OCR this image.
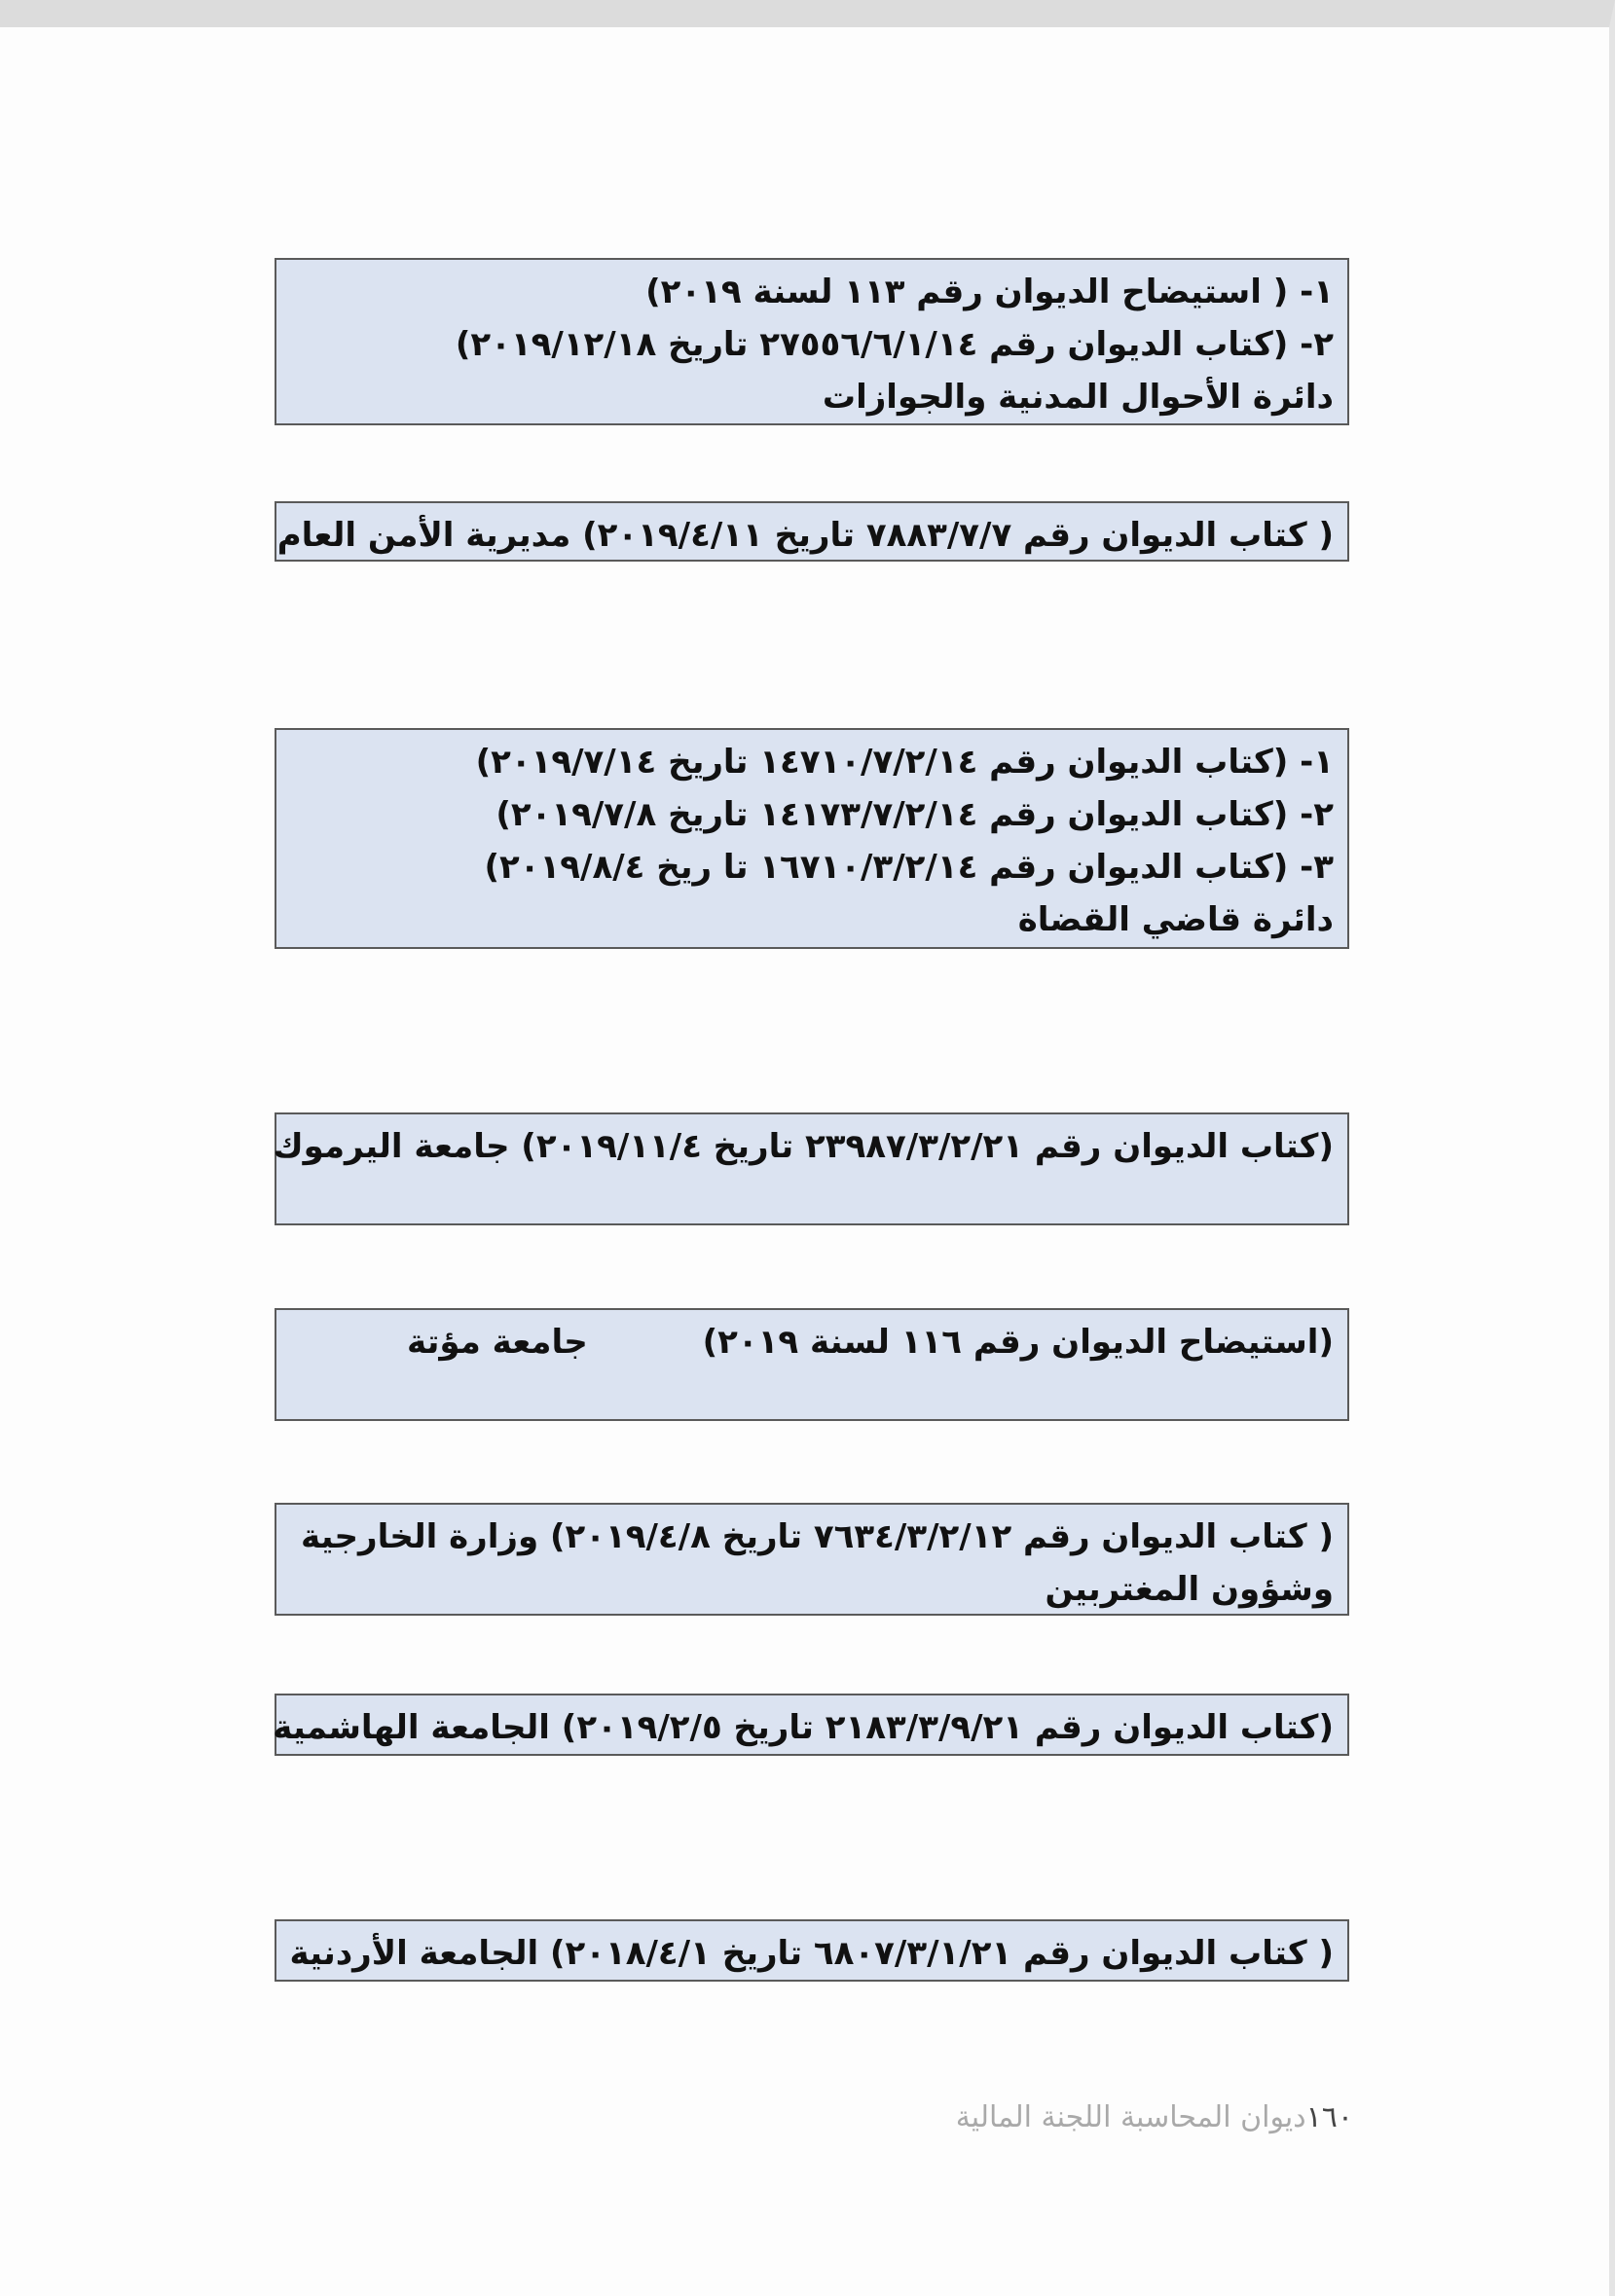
١- ( استيضاح الديوان رقم ١١٣ لسنة ٢٠١٩)
٢- (كتاب الديوان رقم ٢٧٥٥٦/٦/١/١٤ تاريخ ٢٠١٩/١٢/١٨)
دائرة الأحوال المدنية والجوازات
( كتاب الديوان رقم ٧٨٨٣/٧/٧ تاريخ ٢٠١٩/٤/١١) مديرية الأمن العام
١- (كتاب الديوان رقم ١٤٧١٠/٧/٢/١٤ تاريخ ٢٠١٩/٧/١٤)
٢- (كتاب الديوان رقم ١٤١٧٣/٧/٢/١٤ تاريخ ٢٠١٩/٧/٨)
٣- (كتاب الديوان رقم ١٦٧١٠/٣/٢/١٤ تا ريخ ٢٠١٩/٨/٤)
دائرة قاضي القضاة
(كتاب الديوان رقم ٢٣٩٨٧/٣/٢/٢١ تاريخ ٢٠١٩/١١/٤) جامعة اليرموك
(استيضاح الديوان رقم ١١٦ لسنة ٢٠١٩)
جامعة مؤتة
( كتاب الديوان رقم ٧٦٣٤/٣/٢/١٢ تاريخ ٢٠١٩/٤/٨) وزارة الخارجية
وشؤون المغتربين
(كتاب الديوان رقم ٢١٨٣/٣/٩/٢١ تاريخ ٢٠١٩/٢/٥) الجامعة الهاشمية
( كتاب الديوان رقم ٦٨٠٧/٣/١/٢١ تاريخ ٢٠١٨/٤/١) الجامعة الأردنية
١٦٠ديوان المحاسبة اللجنة المالية
